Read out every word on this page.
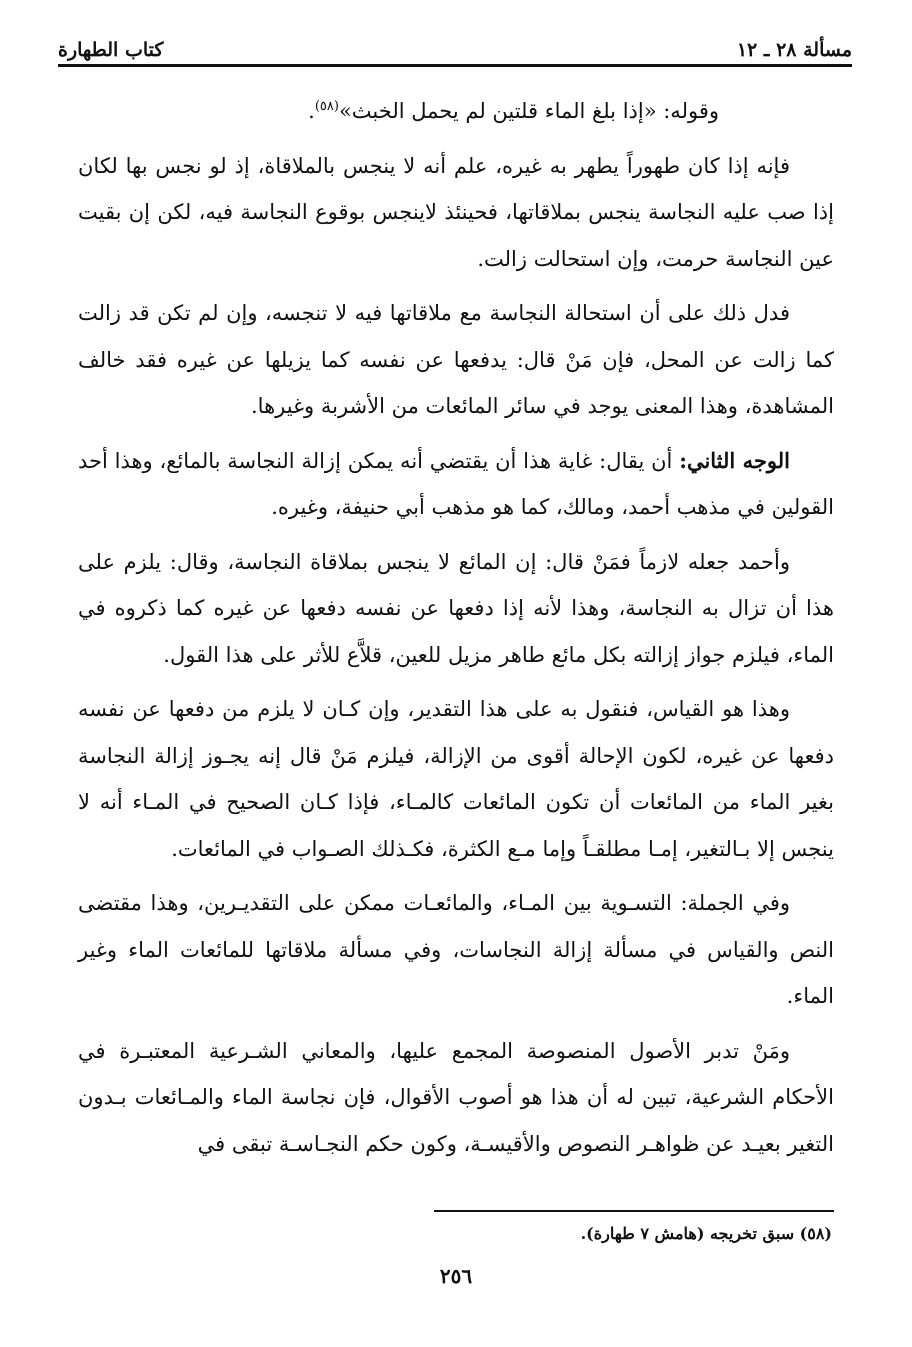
مسألة ٢٨ ـ ١٢
كتاب الطهارة

وقوله: «إذا بلغ الماء قلتين لم يحمل الخبث»$^{(٥٨)}$.

فإنه إذا كان طهوراً يطهر به غيره، علم أنه لا ينجس بالملاقاة، إذ لو نجس بها لكان إذا صب عليه النجاسة ينجس بملاقاتها، فحينئذ لاينجس بوقوع النجاسة فيه، لكن إن بقيت عين النجاسة حرمت، وإن استحالت زالت.

فدل ذلك على أن استحالة النجاسة مع ملاقاتها فيه لا تنجسه، وإن لم تكن قد زالت كما زالت عن المحل، فإن مَنْ قال: يدفعها عن نفسه كما يزيلها عن غيره فقد خالف المشاهدة، وهذا المعنى يوجد في سائر المائعات من الأشربة وغيرها.

الوجه الثاني: أن يقال: غاية هذا أن يقتضي أنه يمكن إزالة النجاسة بالمائع، وهذا أحد القولين في مذهب أحمد، ومالك، كما هو مذهب أبي حنيفة، وغيره.

وأحمد جعله لازماً فمَنْ قال: إن المائع لا ينجس بملاقاة النجاسة، وقال: يلزم على هذا أن تزال به النجاسة، وهذا لأنه إذا دفعها عن نفسه دفعها عن غيره كما ذكروه في الماء، فيلزم جواز إزالته بكل مائع طاهر مزيل للعين، قلاَّع للأثر على هذا القول.

وهذا هو القياس، فنقول به على هذا التقدير، وإن كـان لا يلزم من دفعها عن نفسه دفعها عن غيره، لكون الإحالة أقوى من الإزالة، فيلزم مَنْ قال إنه يجـوز إزالة النجاسة بغير الماء من المائعات أن تكون المائعات كالمـاء، فإذا كـان الصحيح في المـاء أنه لا ينجس إلا بـالتغير، إمـا مطلقـاً وإما مـع الكثرة، فكـذلك الصـواب في المائعات.

وفي الجملة: التسـوية بين المـاء، والمائعـات ممكن على التقديـرين، وهذا مقتضى النص والقياس في مسألة إزالة النجاسات، وفي مسألة ملاقاتها للمائعات الماء وغير الماء.

ومَنْ تدبر الأصول المنصوصة المجمع عليها، والمعاني الشـرعية المعتبـرة في الأحكام الشرعية، تبين له أن هذا هو أصوب الأقوال، فإن نجاسة الماء والمـائعات بـدون التغير بعيـد عن ظواهـر النصوص والأقيسـة، وكون حكم النجـاسـة تبقى في

(٥٨) سبق تخريجه (هامش ٧ طهارة).
٢٥٦
